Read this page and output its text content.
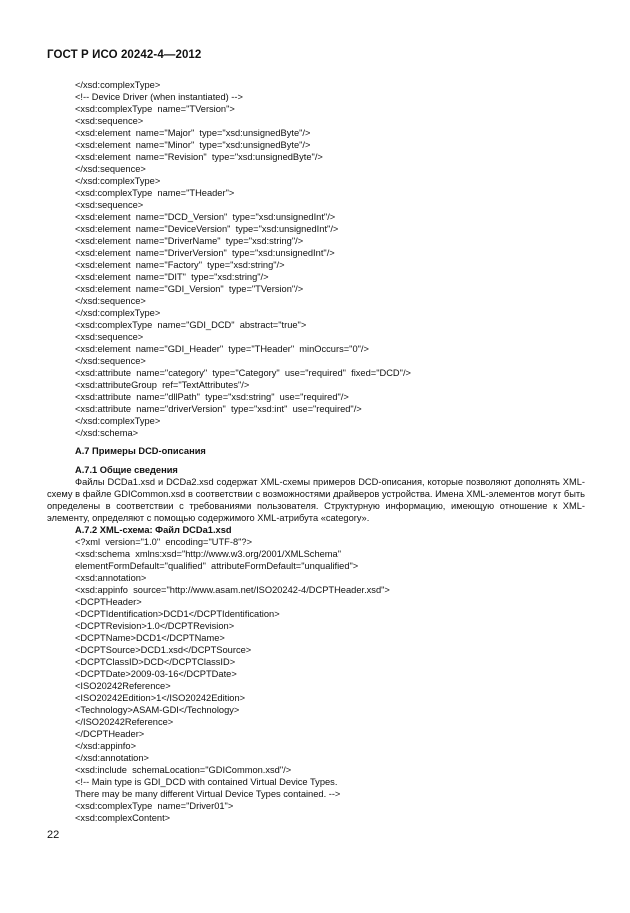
ГОСТ Р ИСО 20242-4—2012
</xsd:complexType>
<!-- Device Driver (when instantiated) -->
<xsd:complexType  name="TVersion">
<xsd:sequence>
<xsd:element  name="Major"  type="xsd:unsignedByte"/>
<xsd:element  name="Minor"  type="xsd:unsignedByte"/>
<xsd:element  name="Revision"  type="xsd:unsignedByte"/>
</xsd:sequence>
</xsd:complexType>
<xsd:complexType  name="THeader">
<xsd:sequence>
<xsd:element  name="DCD_Version"  type="xsd:unsignedInt"/>
<xsd:element  name="DeviceVersion"  type="xsd:unsignedInt"/>
<xsd:element  name="DriverName"  type="xsd:string"/>
<xsd:element  name="DriverVersion"  type="xsd:unsignedInt"/>
<xsd:element  name="Factory"  type="xsd:string"/>
<xsd:element  name="DIT"  type="xsd:string"/>
<xsd:element  name="GDI_Version"  type="TVersion"/>
</xsd:sequence>
</xsd:complexType>
<xsd:complexType  name="GDI_DCD"  abstract="true">
<xsd:sequence>
<xsd:element  name="GDI_Header"  type="THeader"  minOccurs="0"/>
</xsd:sequence>
<xsd:attribute  name="category"  type="Category"  use="required"  fixed="DCD"/>
<xsd:attributeGroup  ref="TextAttributes"/>
<xsd:attribute  name="dllPath"  type="xsd:string"  use="required"/>
<xsd:attribute  name="driverVersion"  type="xsd:int"  use="required"/>
</xsd:complexType>
</xsd:schema>
А.7 Примеры DCD-описания
А.7.1 Общие сведения
Файлы DCDa1.xsd и DCDa2.xsd содержат XML-схемы примеров DCD-описания, которые позволяют дополнять XML-схему в файле GDICommon.xsd в соответствии с возможностями драйверов устройства. Имена XML-элементов могут быть определены в соответствии с требованиями пользователя. Структурную информацию, имеющую отношение к XML-элементу, определяют с помощью содержимого XML-атрибута «category».
А.7.2 XML-схема: Файл DCDa1.xsd
<?xml  version="1.0"  encoding="UTF-8"?>
<xsd:schema  xmlns:xsd="http://www.w3.org/2001/XMLSchema"
elementFormDefault="qualified"  attributeFormDefault="unqualified">
<xsd:annotation>
<xsd:appinfo  source="http://www.asam.net/ISO20242-4/DCPTHeader.xsd">
<DCPTHeader>
<DCPTIdentification>DCD1</DCPTIdentification>
<DCPTRevision>1.0</DCPTRevision>
<DCPTName>DCD1</DCPTName>
<DCPTSource>DCD1.xsd</DCPTSource>
<DCPTClassID>DCD</DCPTClassID>
<DCPTDate>2009-03-16</DCPTDate>
<ISO20242Reference>
<ISO20242Edition>1</ISO20242Edition>
<Technology>ASAM-GDI</Technology>
</ISO20242Reference>
</DCPTHeader>
</xsd:appinfo>
</xsd:annotation>
<xsd:include  schemaLocation="GDICommon.xsd"/>
<!-- Main type is GDI_DCD with contained Virtual Device Types.
There may be many different Virtual Device Types contained. -->
<xsd:complexType  name="Driver01">
<xsd:complexContent>
22
